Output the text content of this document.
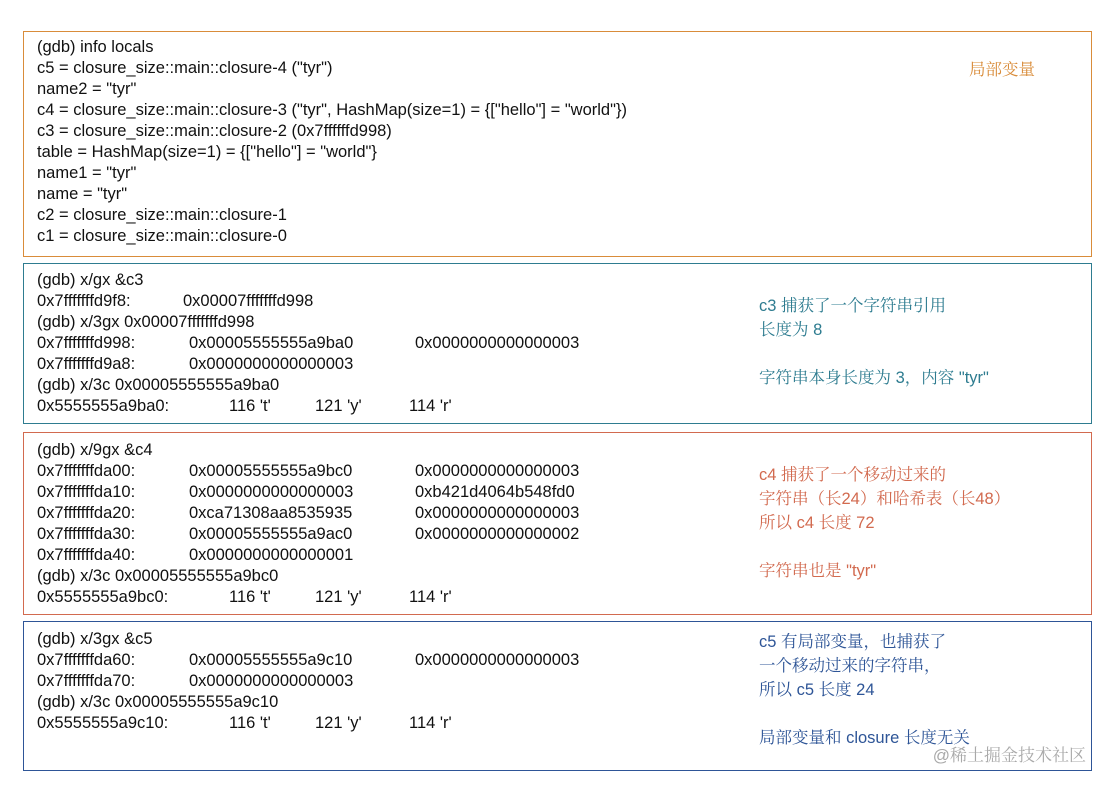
(gdb) info locals
c5 = closure_size::main::closure-4 ("tyr")
name2 = "tyr"
c4 = closure_size::main::closure-3 ("tyr", HashMap(size=1) = {["hello"] = "world"})
c3 = closure_size::main::closure-2 (0x7ffffffd998)
table = HashMap(size=1) = {["hello"] = "world"}
name1 = "tyr"
name = "tyr"
c2 = closure_size::main::closure-1
c1 = closure_size::main::closure-0
局部变量
(gdb) x/gx &c3
0x7fffffffd9f8:	0x00007fffffffd998
(gdb) x/3gx 0x00007fffffffd998
0x7fffffffd998:	0x00005555555a9ba0	0x0000000000000003
0x7fffffffd9a8:	0x0000000000000003
(gdb) x/3c 0x00005555555a9ba0
0x5555555a9ba0:	116 't'	121 'y'	114 'r'
c3 捕获了一个字符串引用
长度为 8
字符串本身长度为 3，内容 "tyr"
(gdb) x/9gx &c4
0x7fffffffda00:	0x00005555555a9bc0	0x0000000000000003
0x7fffffffda10:	0x0000000000000003	0xb421d4064b548fd0
0x7fffffffda20:	0xca71308aa8535935	0x0000000000000003
0x7fffffffda30:	0x00005555555a9ac0	0x0000000000000002
0x7fffffffda40:	0x0000000000000001
(gdb) x/3c 0x00005555555a9bc0
0x5555555a9bc0:	116 't'	121 'y'	114 'r'
c4 捕获了一个移动过来的
字符串（长24）和哈希表（长48）
所以 c4 长度 72
字符串也是 "tyr"
(gdb) x/3gx &c5
0x7fffffffda60:	0x00005555555a9c10	0x0000000000000003
0x7fffffffda70:	0x0000000000000003
(gdb) x/3c 0x00005555555a9c10
0x5555555a9c10:	116 't'	121 'y'	114 'r'
c5 有局部变量，也捕获了
一个移动过来的字符串，
所以 c5 长度 24
局部变量和 closure 长度无关
@稀土掘金技术社区
